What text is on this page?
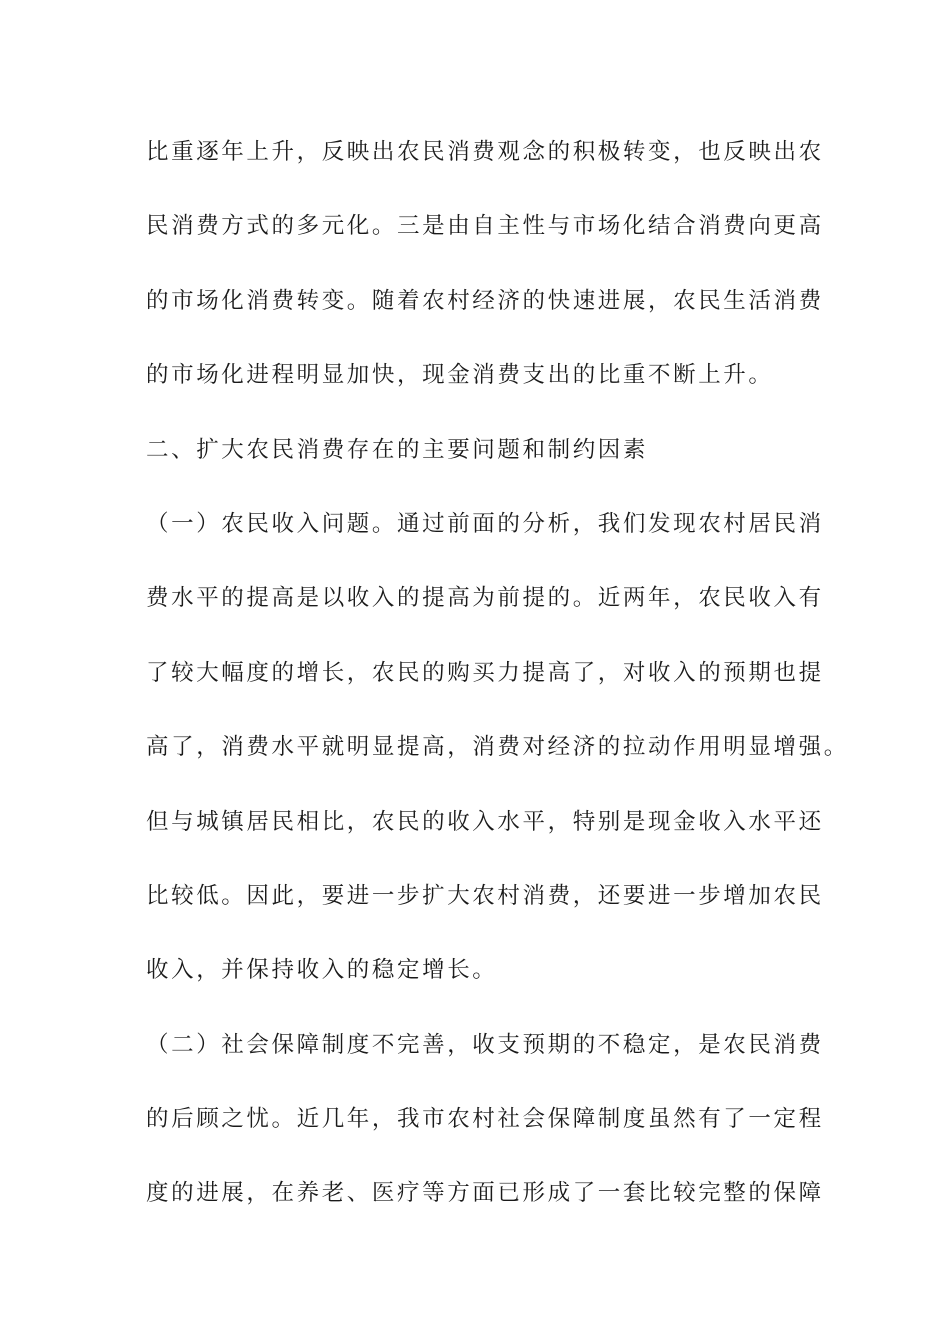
比重逐年上升，反映出农民消费观念的积极转变，也反映出农
民消费方式的多元化。三是由自主性与市场化结合消费向更高
的市场化消费转变。随着农村经济的快速进展，农民生活消费
的市场化进程明显加快，现金消费支出的比重不断上升。
二、扩大农民消费存在的主要问题和制约因素
（一）农民收入问题。通过前面的分析，我们发现农村居民消
费水平的提高是以收入的提高为前提的。近两年，农民收入有
了较大幅度的增长，农民的购买力提高了，对收入的预期也提
高了，消费水平就明显提高，消费对经济的拉动作用明显增强。
但与城镇居民相比，农民的收入水平，特别是现金收入水平还
比较低。因此，要进一步扩大农村消费，还要进一步增加农民
收入，并保持收入的稳定增长。
（二）社会保障制度不完善，收支预期的不稳定，是农民消费
的后顾之忧。近几年，我市农村社会保障制度虽然有了一定程
度的进展，在养老、医疗等方面已形成了一套比较完整的保障
